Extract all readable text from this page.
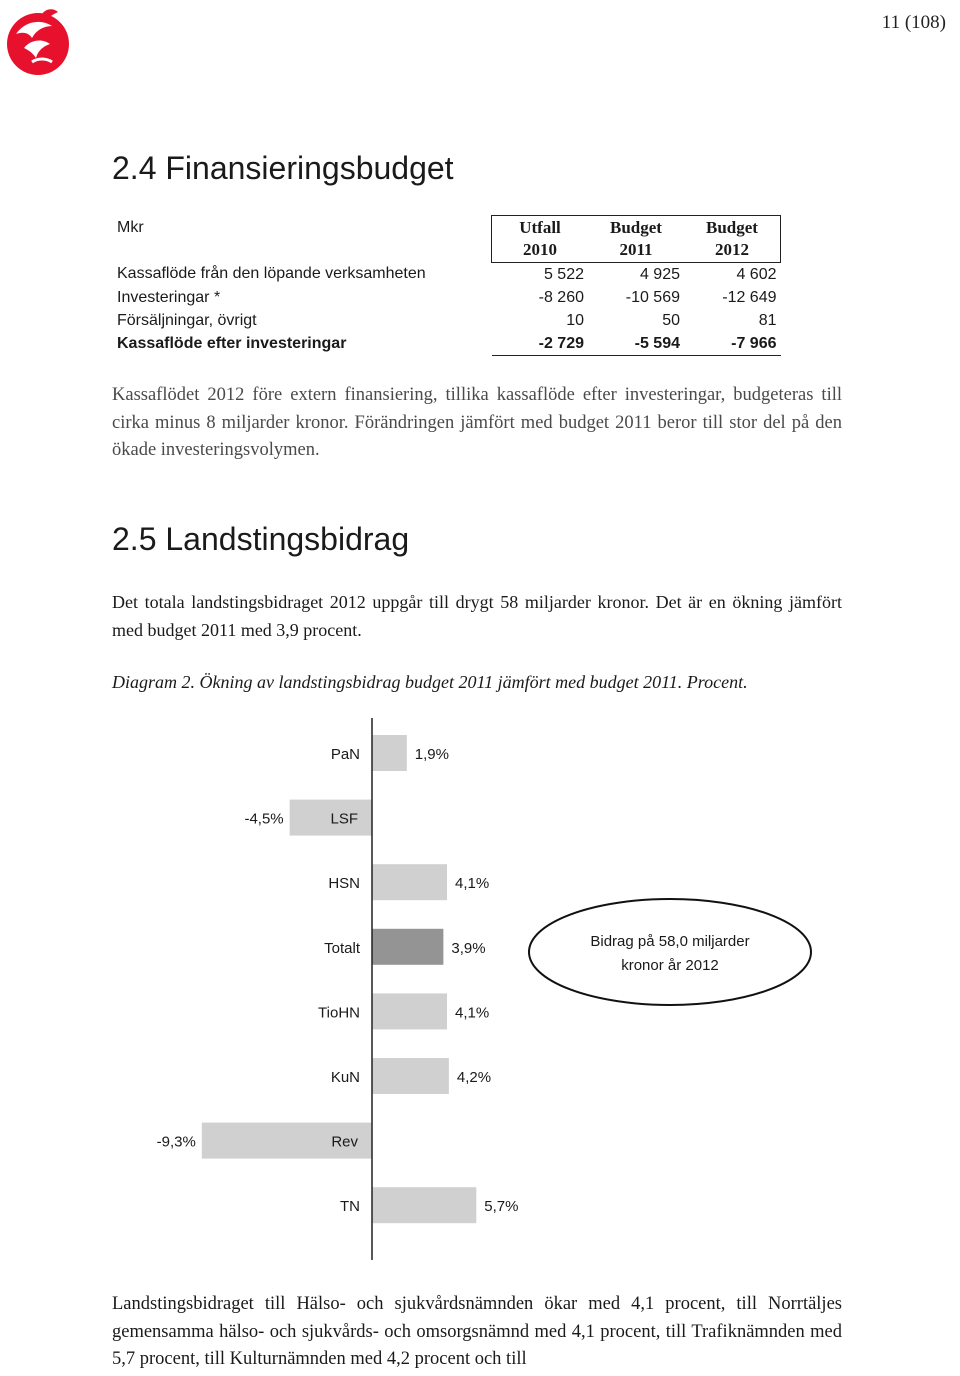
11 (108)
2.4 Finansieringsbudget
Mkr	Utfall	Budget	Budget
	2010	2011	2012
Kassaflöde från den löpande verksamheten	5 522	4 925	4 602
Investeringar *	-8 260	-10 569	-12 649
Försäljningar, övrigt	10	50	81
Kassaflöde efter investeringar	-2 729	-5 594	-7 966

Kassaflödet 2012 före extern finansiering, tillika kassaflöde efter investeringar, budgeteras till cirka minus 8 miljarder kronor. Förändringen jämfört med budget 2011 beror till stor del på den ökade investeringsvolymen.

2.5 Landstingsbidrag

Det totala landstingsbidraget 2012 uppgår till drygt 58 miljarder kronor. Det är en ökning jämfört med budget 2011 med 3,9 procent.

Diagram 2. Ökning av landstingsbidrag budget 2011 jämfört med budget 2011. Procent.
PaN	1,9%
LSF
-4,5%
HSN	4,1%
Totalt	3,9%
TioHN	4,1%
KuN	4,2%
Rev
-9,3%
TN	5,7%
Bidrag på 58,0 miljarder
kronor år 2012

Landstingsbidraget till Hälso- och sjukvårdsnämnden ökar med 4,1 procent, till Norrtäljes gemensamma hälso- och sjukvårds- och omsorgsnämnd med 4,1 procent, till Trafiknämnden med 5,7 procent, till Kulturnämnden med 4,2 procent och till
